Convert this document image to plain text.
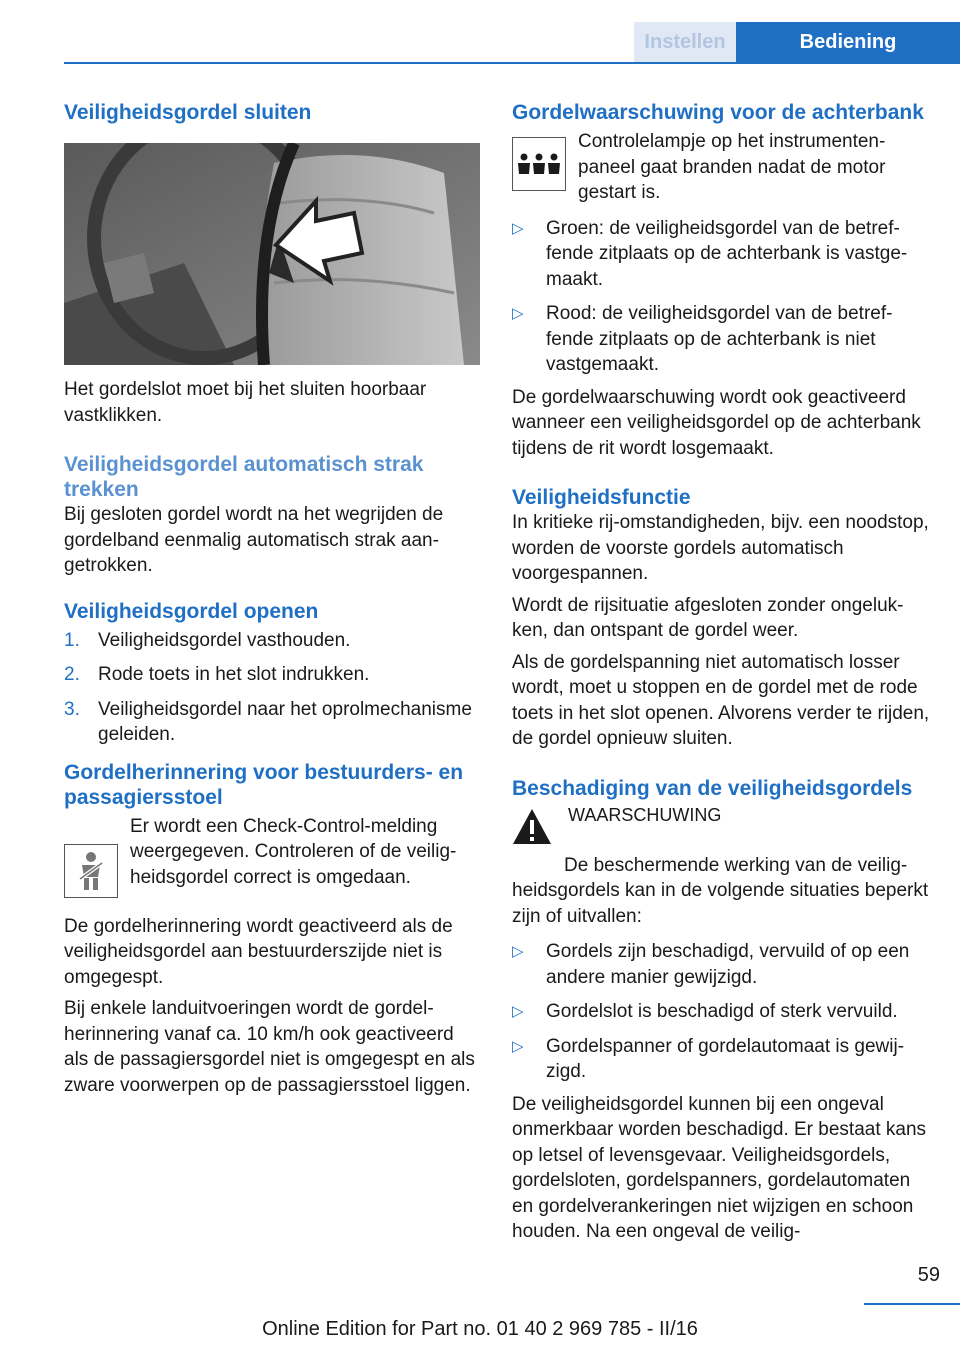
Instellen	Bediening
Veiligheidsgordel sluiten

Het gordelslot moet bij het sluiten hoorbaar vastklikken.

Veiligheidsgordel automatisch strak trekken

Bij gesloten gordel wordt na het wegrijden de gordelband eenmalig automatisch strak aangetrokken.

Veiligheidsgordel openen
1. Veiligheidsgordel vasthouden.
2. Rode toets in het slot indrukken.
3. Veiligheidsgordel naar het oprolmechanisme geleiden.
Gordelherinnering voor bestuurders- en passagiersstoel

Er wordt een Check-Control-melding weergegeven. Controleren of de veiligheidsgordel correct is omgedaan.

De gordelherinnering wordt geactiveerd als de veiligheidsgordel aan bestuurderszijde niet is omgegespt.

Bij enkele landuitvoeringen wordt de gordelherinnering vanaf ca. 10 km/h ook geactiveerd als de passagiersgordel niet is omgegespt en als zware voorwerpen op de passagiersstoel liggen.

Gordelwaarschuwing voor de achterbank

Controlelampje op het instrumentenpaneel gaat branden nadat de motor gestart is.

▷	Groen: de veiligheidsgordel van de betreffende zitplaats op de achterbank is vastgemaakt.
▷	Rood: de veiligheidsgordel van de betreffende zitplaats op de achterbank is niet vastgemaakt.

De gordelwaarschuwing wordt ook geactiveerd wanneer een veiligheidsgordel op de achterbank tijdens de rit wordt losgemaakt.

Veiligheidsfunctie

In kritieke rij-omstandigheden, bijv. een noodstop, worden de voorste gordels automatisch voorgespannen.

Wordt de rijsituatie afgesloten zonder ongelukken, dan ontspant de gordel weer.

Als de gordelspanning niet automatisch losser wordt, moet u stoppen en de gordel met de rode toets in het slot openen. Alvorens verder te rijden, de gordel opnieuw sluiten.

Beschadiging van de veiligheidsgordels

WAARSCHUWING

De beschermende werking van de veiligheidsgordels kan in de volgende situaties beperkt zijn of uitvallen:

▷	Gordels zijn beschadigd, vervuild of op een andere manier gewijzigd.
▷	Gordelslot is beschadigd of sterk vervuild.
▷	Gordelspanner of gordelautomaat is gewijzigd.

De veiligheidsgordel kunnen bij een ongeval onmerkbaar worden beschadigd. Er bestaat kans op letsel of levensgevaar. Veiligheidsgordels, gordelsloten, gordelspanners, gordelautomaten en gordelverankeringen niet wijzigen en schoon houden. Na een ongeval de veilig-

59
Online Edition for Part no. 01 40 2 969 785 - II/16
